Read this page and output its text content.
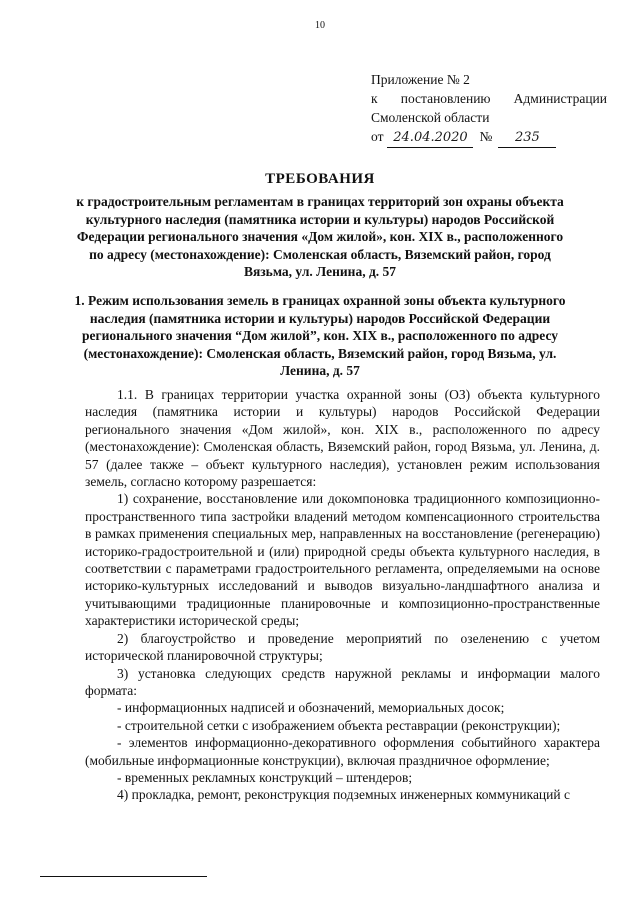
10
Приложение № 2
к постановлению Администрации
Смоленской области
от 24.04.2020 №	235
ТРЕБОВАНИЯ
к градостроительным регламентам в границах территорий зон охраны объекта культурного наследия (памятника истории и культуры) народов Российской Федерации регионального значения «Дом жилой», кон. XIX в., расположенного по адресу (местонахождение): Смоленская область, Вяземский район, город Вязьма, ул. Ленина, д. 57
1. Режим использования земель в границах охранной зоны объекта культурного наследия (памятника истории и культуры) народов Российской Федерации регионального значения “Дом жилой”, кон. XIX в., расположенного по адресу (местонахождение): Смоленская область, Вяземский район, город Вязьма, ул. Ленина, д. 57

1.1. В границах территории участка охранной зоны (ОЗ) объекта культурного наследия (памятника истории и культуры) народов Российской Федерации регионального значения «Дом жилой», кон. XIX в., расположенного по адресу (местонахождение): Смоленская область, Вяземский район, город Вязьма, ул. Ленина, д. 57 (далее также – объект культурного наследия), установлен режим использования земель, согласно которому разрешается:

1) сохранение, восстановление или докомпоновка традиционного композиционно-пространственного типа застройки владений методом компенсационного строительства в рамках применения специальных мер, направленных на восстановление (регенерацию) историко-градостроительной и (или) природной среды объекта культурного наследия, в соответствии с параметрами градостроительного регламента, определяемыми на основе историко-культурных исследований и выводов визуально-ландшафтного анализа и учитывающими традиционные планировочные и композиционно-пространственные характеристики исторической среды;

2) благоустройство и проведение мероприятий по озеленению с учетом исторической планировочной структуры;

3) установка следующих средств наружной рекламы и информации малого формата:

- информационных надписей и обозначений, мемориальных досок;

- строительной сетки с изображением объекта реставрации (реконструкции);

- элементов информационно-декоративного оформления событийного характера (мобильные информационные конструкции), включая праздничное оформление;

- временных рекламных конструкций – штендеров;

4) прокладка, ремонт, реконструкция подземных инженерных коммуникаций с
